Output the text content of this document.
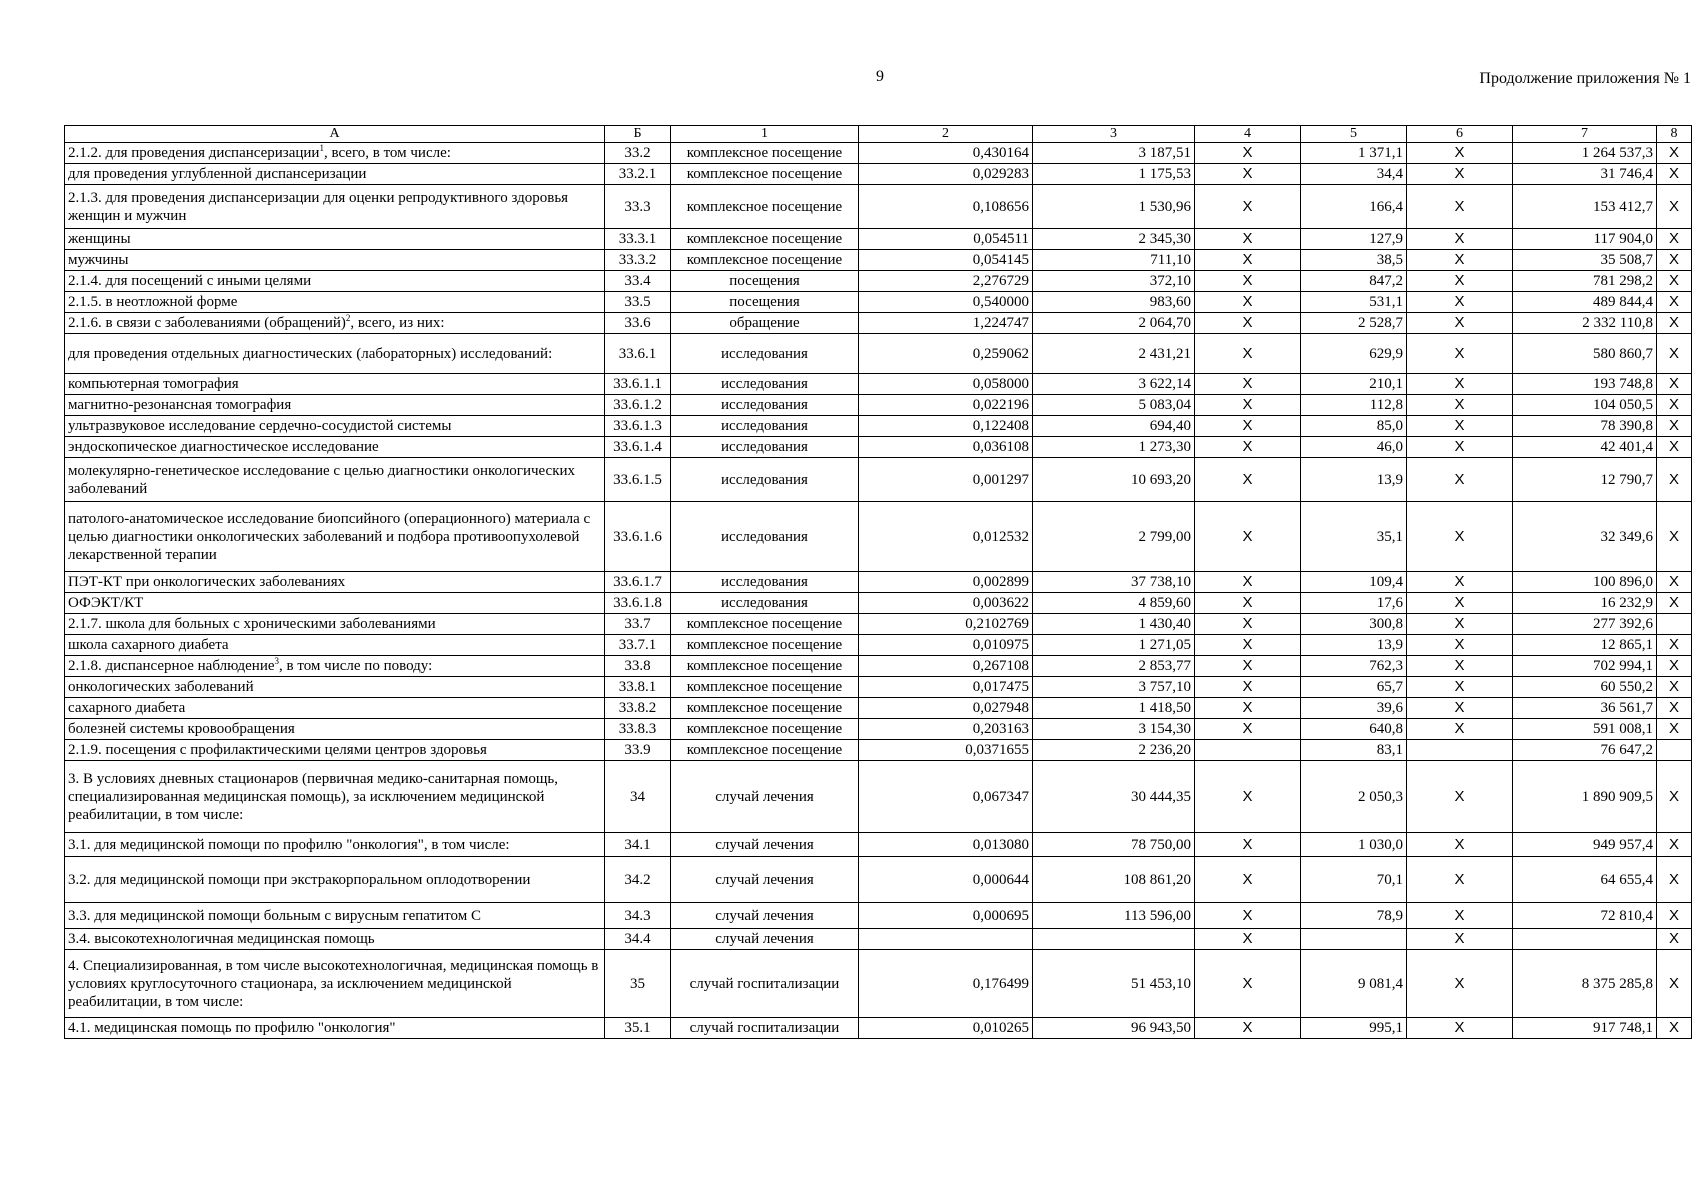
9	Продолжение приложения № 1
А	Б	1	2	3	4	5	6	7	8
2.1.2. для проведения диспансеризации$^1$, всего, в том числе:	33.2	комплексное посещение	0,430164	3 187,51	Х	1 371,1	Х	1 264 537,3	Х
для проведения углубленной диспансеризации	33.2.1	комплексное посещение	0,029283	1 175,53	Х	34,4	Х	31 746,4	Х
2.1.3. для проведения диспансеризации для оценки репродуктивного здоровья женщин и мужчин	33.3	комплексное посещение	0,108656	1 530,96	Х	166,4	Х	153 412,7	Х
женщины	33.3.1	комплексное посещение	0,054511	2 345,30	Х	127,9	Х	117 904,0	Х
мужчины	33.3.2	комплексное посещение	0,054145	711,10	Х	38,5	Х	35 508,7	Х
2.1.4. для посещений с иными целями	33.4	посещения	2,276729	372,10	Х	847,2	Х	781 298,2	Х
2.1.5. в неотложной форме	33.5	посещения	0,540000	983,60	Х	531,1	Х	489 844,4	Х
2.1.6. в связи с заболеваниями (обращений)$^2$, всего, из них:	33.6	обращение	1,224747	2 064,70	Х	2 528,7	Х	2 332 110,8	Х
для проведения отдельных диагностических (лабораторных) исследований:	33.6.1	исследования	0,259062	2 431,21	Х	629,9	Х	580 860,7	Х
компьютерная томография	33.6.1.1	исследования	0,058000	3 622,14	Х	210,1	Х	193 748,8	Х
магнитно-резонансная томография	33.6.1.2	исследования	0,022196	5 083,04	Х	112,8	Х	104 050,5	Х
ультразвуковое исследование сердечно-сосудистой системы	33.6.1.3	исследования	0,122408	694,40	Х	85,0	Х	78 390,8	Х
эндоскопическое диагностическое исследование	33.6.1.4	исследования	0,036108	1 273,30	Х	46,0	Х	42 401,4	Х
молекулярно-генетическое исследование с целью диагностики онкологических заболеваний	33.6.1.5	исследования	0,001297	10 693,20	Х	13,9	Х	12 790,7	Х
патолого-анатомическое исследование биопсийного (операционного) материала с целью диагностики онкологических заболеваний и подбора противоопухолевой лекарственной терапии	33.6.1.6	исследования	0,012532	2 799,00	Х	35,1	Х	32 349,6	Х
ПЭТ-КТ при онкологических заболеваниях	33.6.1.7	исследования	0,002899	37 738,10	Х	109,4	Х	100 896,0	Х
ОФЭКТ/КТ	33.6.1.8	исследования	0,003622	4 859,60	Х	17,6	Х	16 232,9	Х
2.1.7. школа для больных с хроническими заболеваниями	33.7	комплексное посещение	0,2102769	1 430,40	Х	300,8	Х	277 392,6	
школа сахарного диабета	33.7.1	комплексное посещение	0,010975	1 271,05	Х	13,9	Х	12 865,1	Х
2.1.8. диспансерное наблюдение$^3$, в том числе по поводу:	33.8	комплексное посещение	0,267108	2 853,77	Х	762,3	Х	702 994,1	Х
онкологических заболеваний	33.8.1	комплексное посещение	0,017475	3 757,10	Х	65,7	Х	60 550,2	Х
сахарного диабета	33.8.2	комплексное посещение	0,027948	1 418,50	Х	39,6	Х	36 561,7	Х
болезней системы кровообращения	33.8.3	комплексное посещение	0,203163	3 154,30	Х	640,8	Х	591 008,1	Х
2.1.9. посещения с профилактическими целями центров здоровья	33.9	комплексное посещение	0,0371655	2 236,20		83,1		76 647,2	
3. В условиях дневных стационаров (первичная медико-санитарная помощь, специализированная медицинская помощь), за исключением медицинской реабилитации, в том числе:	34	случай лечения	0,067347	30 444,35	Х	2 050,3	Х	1 890 909,5	Х
3.1. для медицинской помощи по профилю "онкология", в том числе:	34.1	случай лечения	0,013080	78 750,00	Х	1 030,0	Х	949 957,4	Х
3.2. для медицинской помощи при экстракорпоральном оплодотворении	34.2	случай лечения	0,000644	108 861,20	Х	70,1	Х	64 655,4	Х
3.3. для медицинской помощи больным с вирусным гепатитом С	34.3	случай лечения	0,000695	113 596,00	Х	78,9	Х	72 810,4	Х
3.4. высокотехнологичная медицинская помощь	34.4	случай лечения			Х		Х		Х
4. Специализированная, в том числе высокотехнологичная, медицинская помощь в условиях круглосуточного стационара, за исключением медицинской реабилитации, в том числе:	35	случай госпитализации	0,176499	51 453,10	Х	9 081,4	Х	8 375 285,8	Х
4.1. медицинская помощь по профилю "онкология"	35.1	случай госпитализации	0,010265	96 943,50	Х	995,1	Х	917 748,1	Х
